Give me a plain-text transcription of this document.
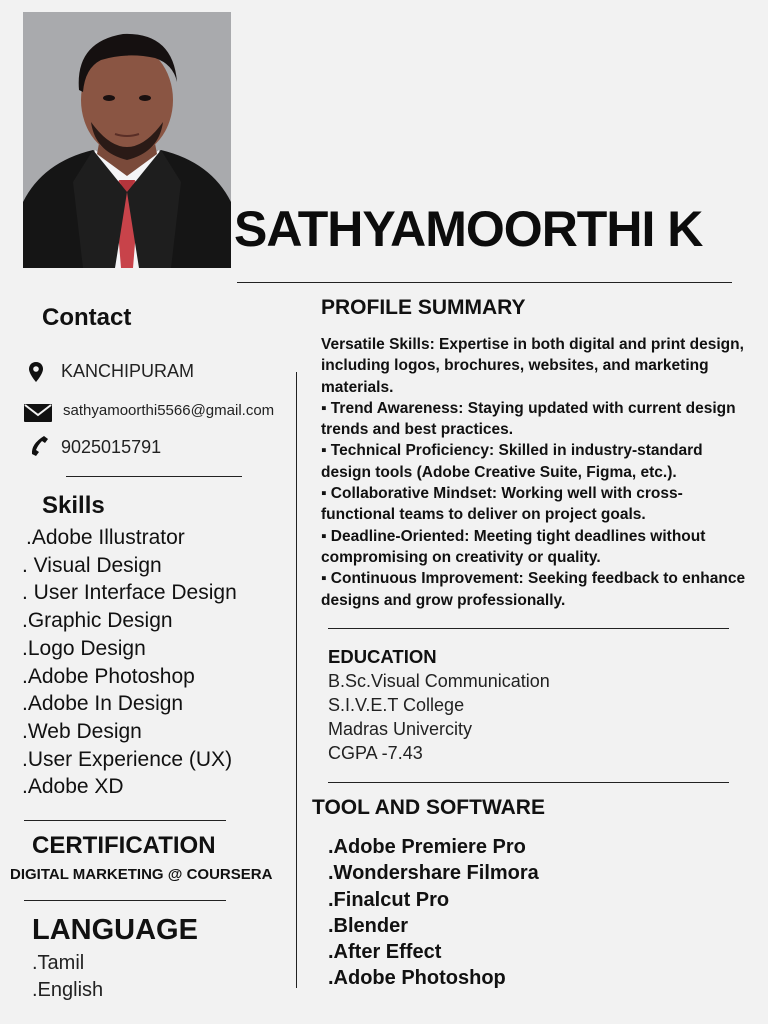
SATHYAMOORTHI K
Contact
KANCHIPURAM
sathyamoorthi5566@gmail.com
9025015791
Skills
.Adobe Illustrator
. Visual Design
. User Interface Design
.Graphic Design
.Logo Design
.Adobe Photoshop
.Adobe In Design
.Web Design
.User Experience (UX)
.Adobe XD
CERTIFICATION
DIGITAL MARKETING @ COURSERA
LANGUAGE
.Tamil
.English
PROFILE SUMMARY

Versatile Skills: Expertise in both digital and print design, including logos, brochures, websites, and marketing materials.

▪ Trend Awareness: Staying updated with current design trends and best practices.

▪ Technical Proficiency: Skilled in industry-standard design tools (Adobe Creative Suite, Figma, etc.).

▪ Collaborative Mindset: Working well with cross-functional teams to deliver on project goals.

▪ Deadline-Oriented: Meeting tight deadlines without compromising on creativity or quality.

▪ Continuous Improvement: Seeking feedback to enhance designs and grow professionally.

EDUCATION
B.Sc.Visual Communication
S.I.V.E.T College
Madras Univercity
CGPA -7.43
TOOL AND SOFTWARE
.Adobe Premiere Pro
.Wondershare Filmora
.Finalcut Pro
.Blender
.After Effect
.Adobe Photoshop
